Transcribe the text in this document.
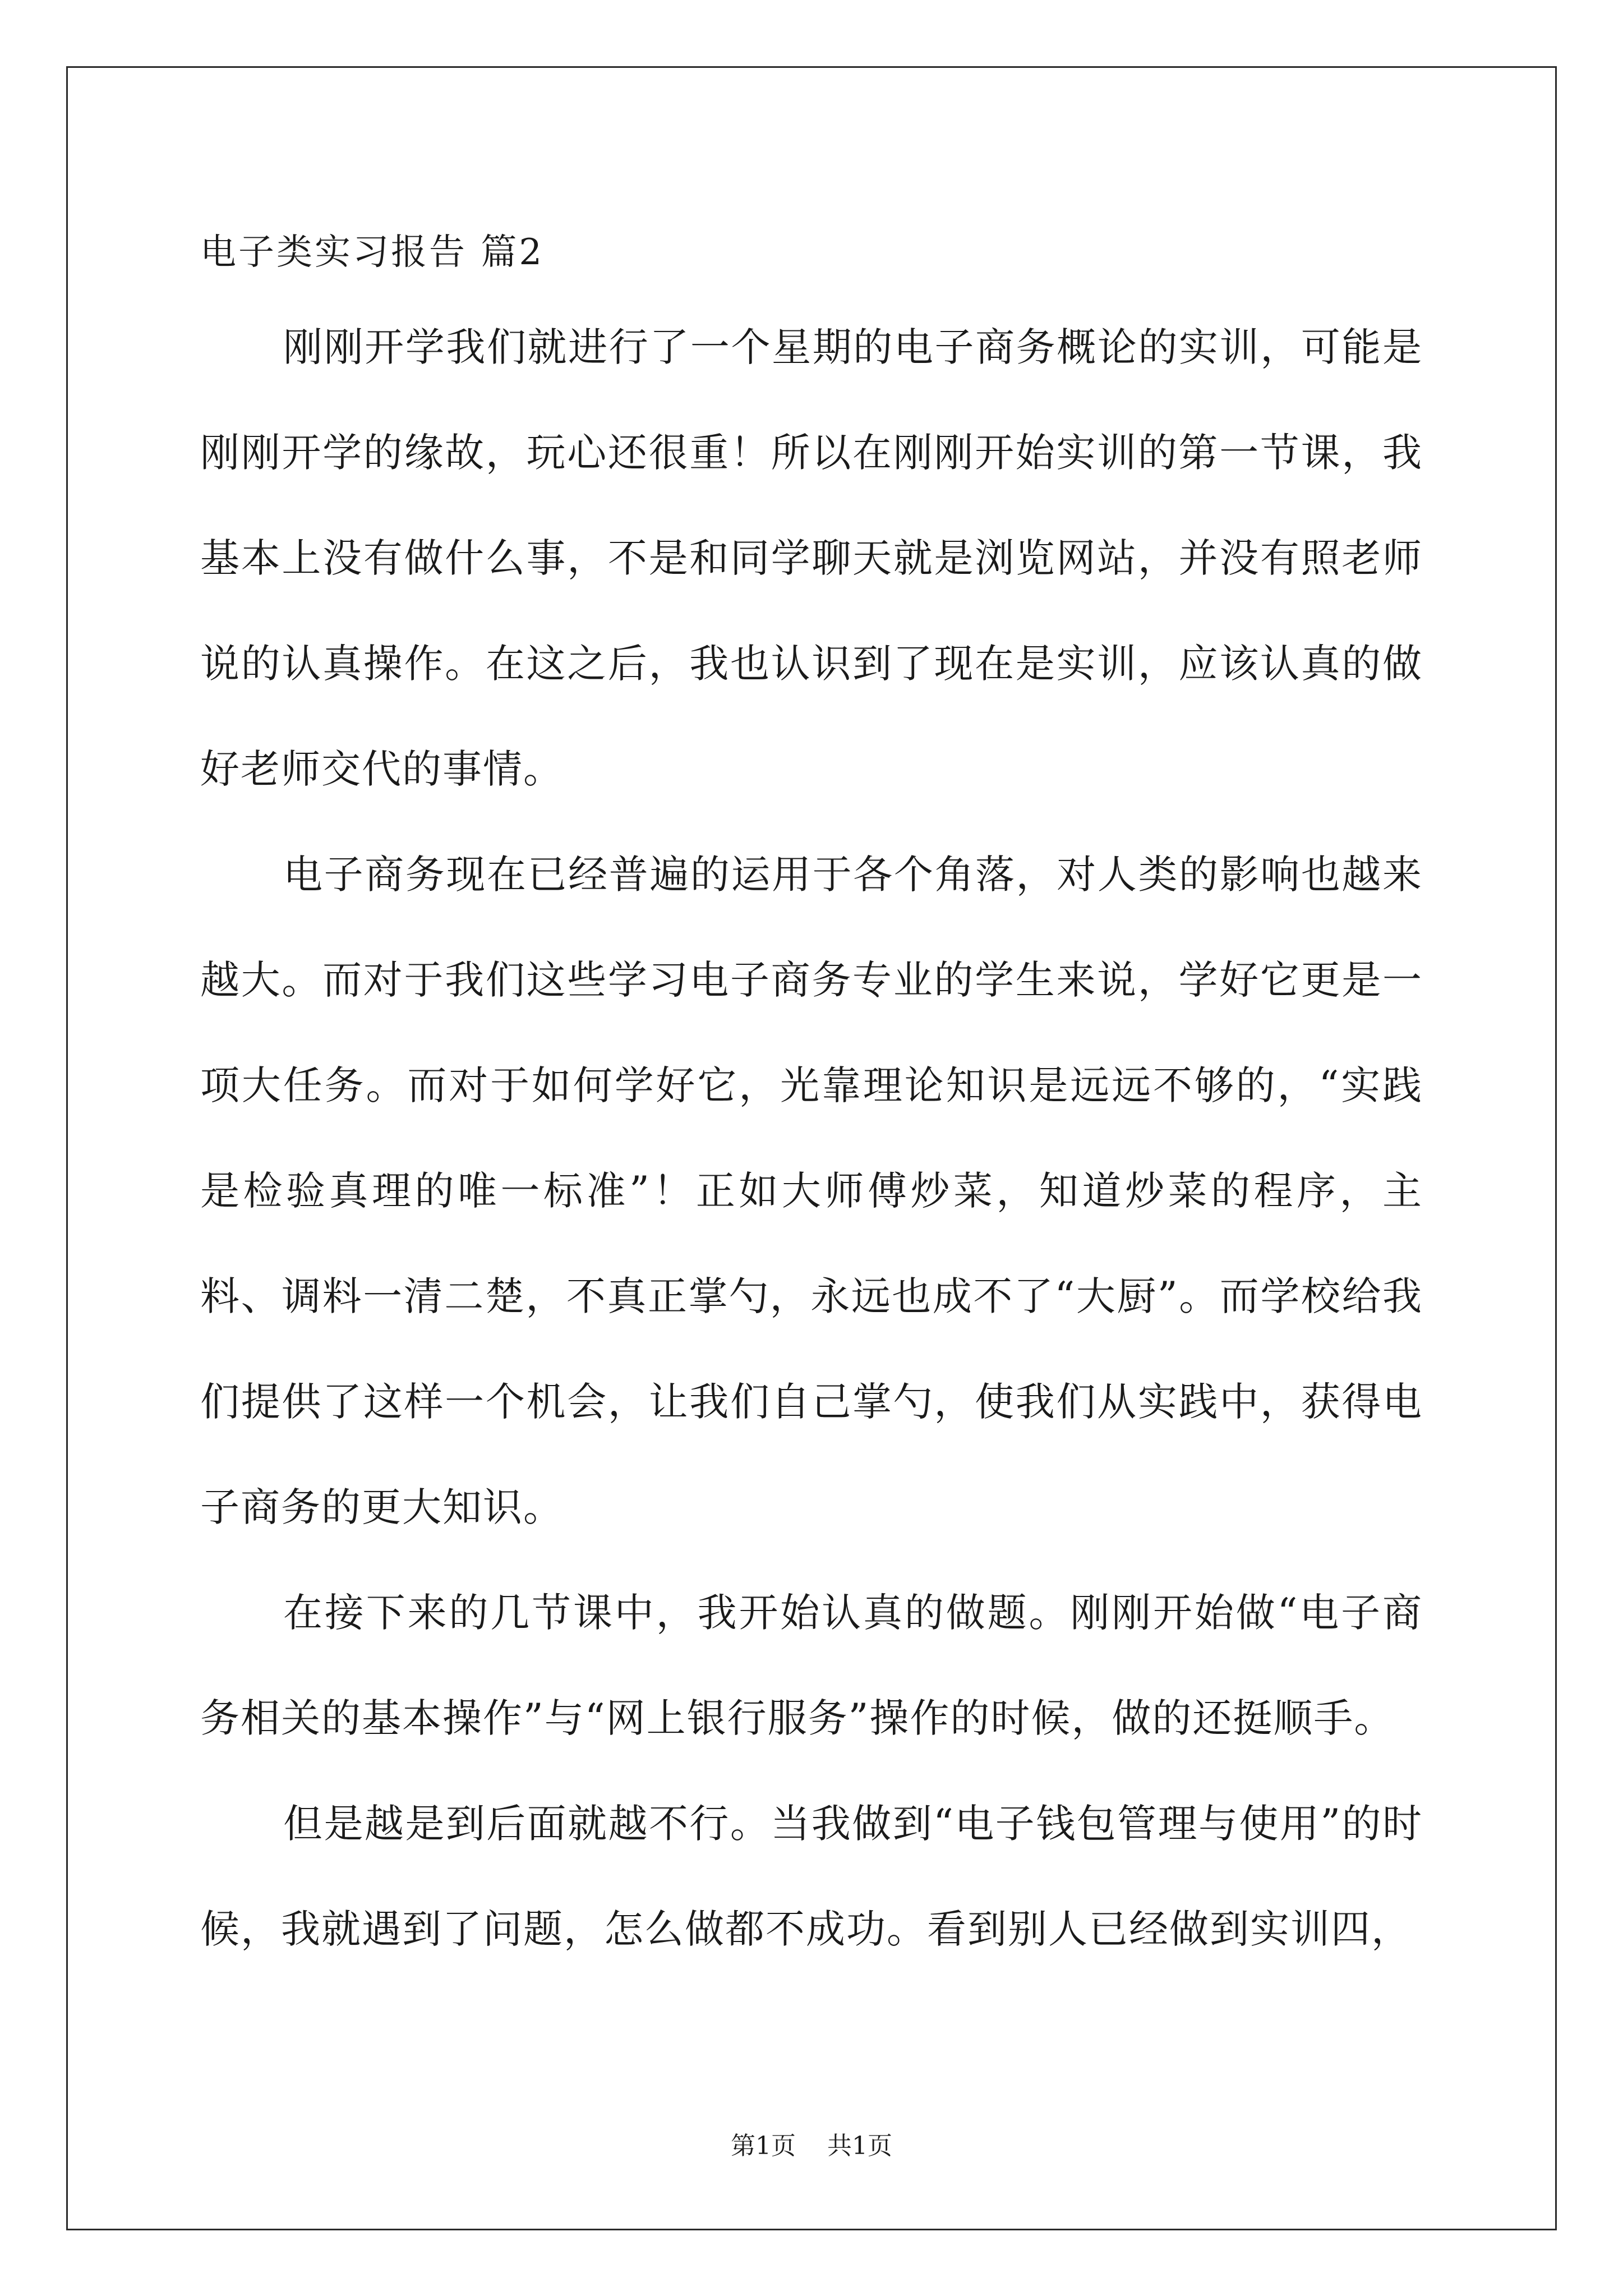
电子类实习报告 篇2

刚刚开学我们就进行了一个星期的电子商务概论的实训，可能是刚刚开学的缘故，玩心还很重！所以在刚刚开始实训的第一节课，我基本上没有做什么事，不是和同学聊天就是浏览网站，并没有照老师说的认真操作。在这之后，我也认识到了现在是实训，应该认真的做好老师交代的事情。

电子商务现在已经普遍的运用于各个角落，对人类的影响也越来越大。而对于我们这些学习电子商务专业的学生来说，学好它更是一项大任务。而对于如何学好它，光靠理论知识是远远不够的，“实践是检验真理的唯一标准”！正如大师傅炒菜，知道炒菜的程序，主料、调料一清二楚，不真正掌勺，永远也成不了“大厨”。而学校给我们提供了这样一个机会，让我们自己掌勺，使我们从实践中，获得电子商务的更大知识。

在接下来的几节课中，我开始认真的做题。刚刚开始做“电子商务相关的基本操作”与“网上银行服务”操作的时候，做的还挺顺手。

但是越是到后面就越不行。当我做到“电子钱包管理与使用”的时候，我就遇到了问题，怎么做都不成功。看到别人已经做到实训四，

第1页    共1页
